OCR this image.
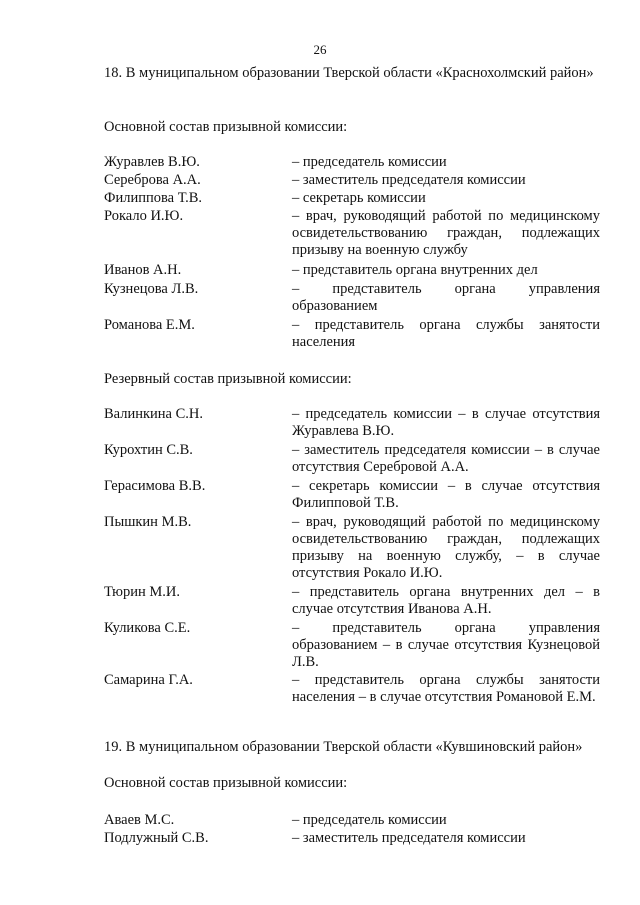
26
18. В муниципальном образовании Тверской области «Краснохолмский район»
Основной состав призывной комиссии:
Журавлев В.Ю.	– председатель комиссии
Сереброва А.А.	– заместитель председателя комиссии
Филиппова Т.В.	– секретарь комиссии
Рокало И.Ю.	– врач, руководящий работой по медицинскому освидетельствованию граждан, подлежащих призыву на военную службу
Иванов А.Н.	– представитель органа внутренних дел
Кузнецова Л.В.	– представитель органа управления образованием
Романова Е.М.	– представитель органа службы занятости населения
Резервный состав призывной комиссии:
Валинкина С.Н.	– председатель комиссии – в случае отсутствия Журавлева В.Ю.
Курохтин С.В.	– заместитель председателя комиссии – в случае отсутствия Серебровой А.А.
Герасимова В.В.	– секретарь комиссии – в случае отсутствия Филипповой Т.В.
Пышкин М.В.	– врач, руководящий работой по медицинскому освидетельствованию граждан, подлежащих призыву на военную службу, – в случае отсутствия Рокало И.Ю.
Тюрин М.И.	– представитель органа внутренних дел – в случае отсутствия Иванова А.Н.
Куликова С.Е.	– представитель органа управления образованием – в случае отсутствия Кузнецовой Л.В.
Самарина Г.А.	– представитель органа службы занятости населения – в случае отсутствия Романовой Е.М.
19. В муниципальном образовании Тверской области «Кувшиновский район»
Основной состав призывной комиссии:
Аваев М.С.	– председатель комиссии
Подлужный С.В.	– заместитель председателя комиссии
